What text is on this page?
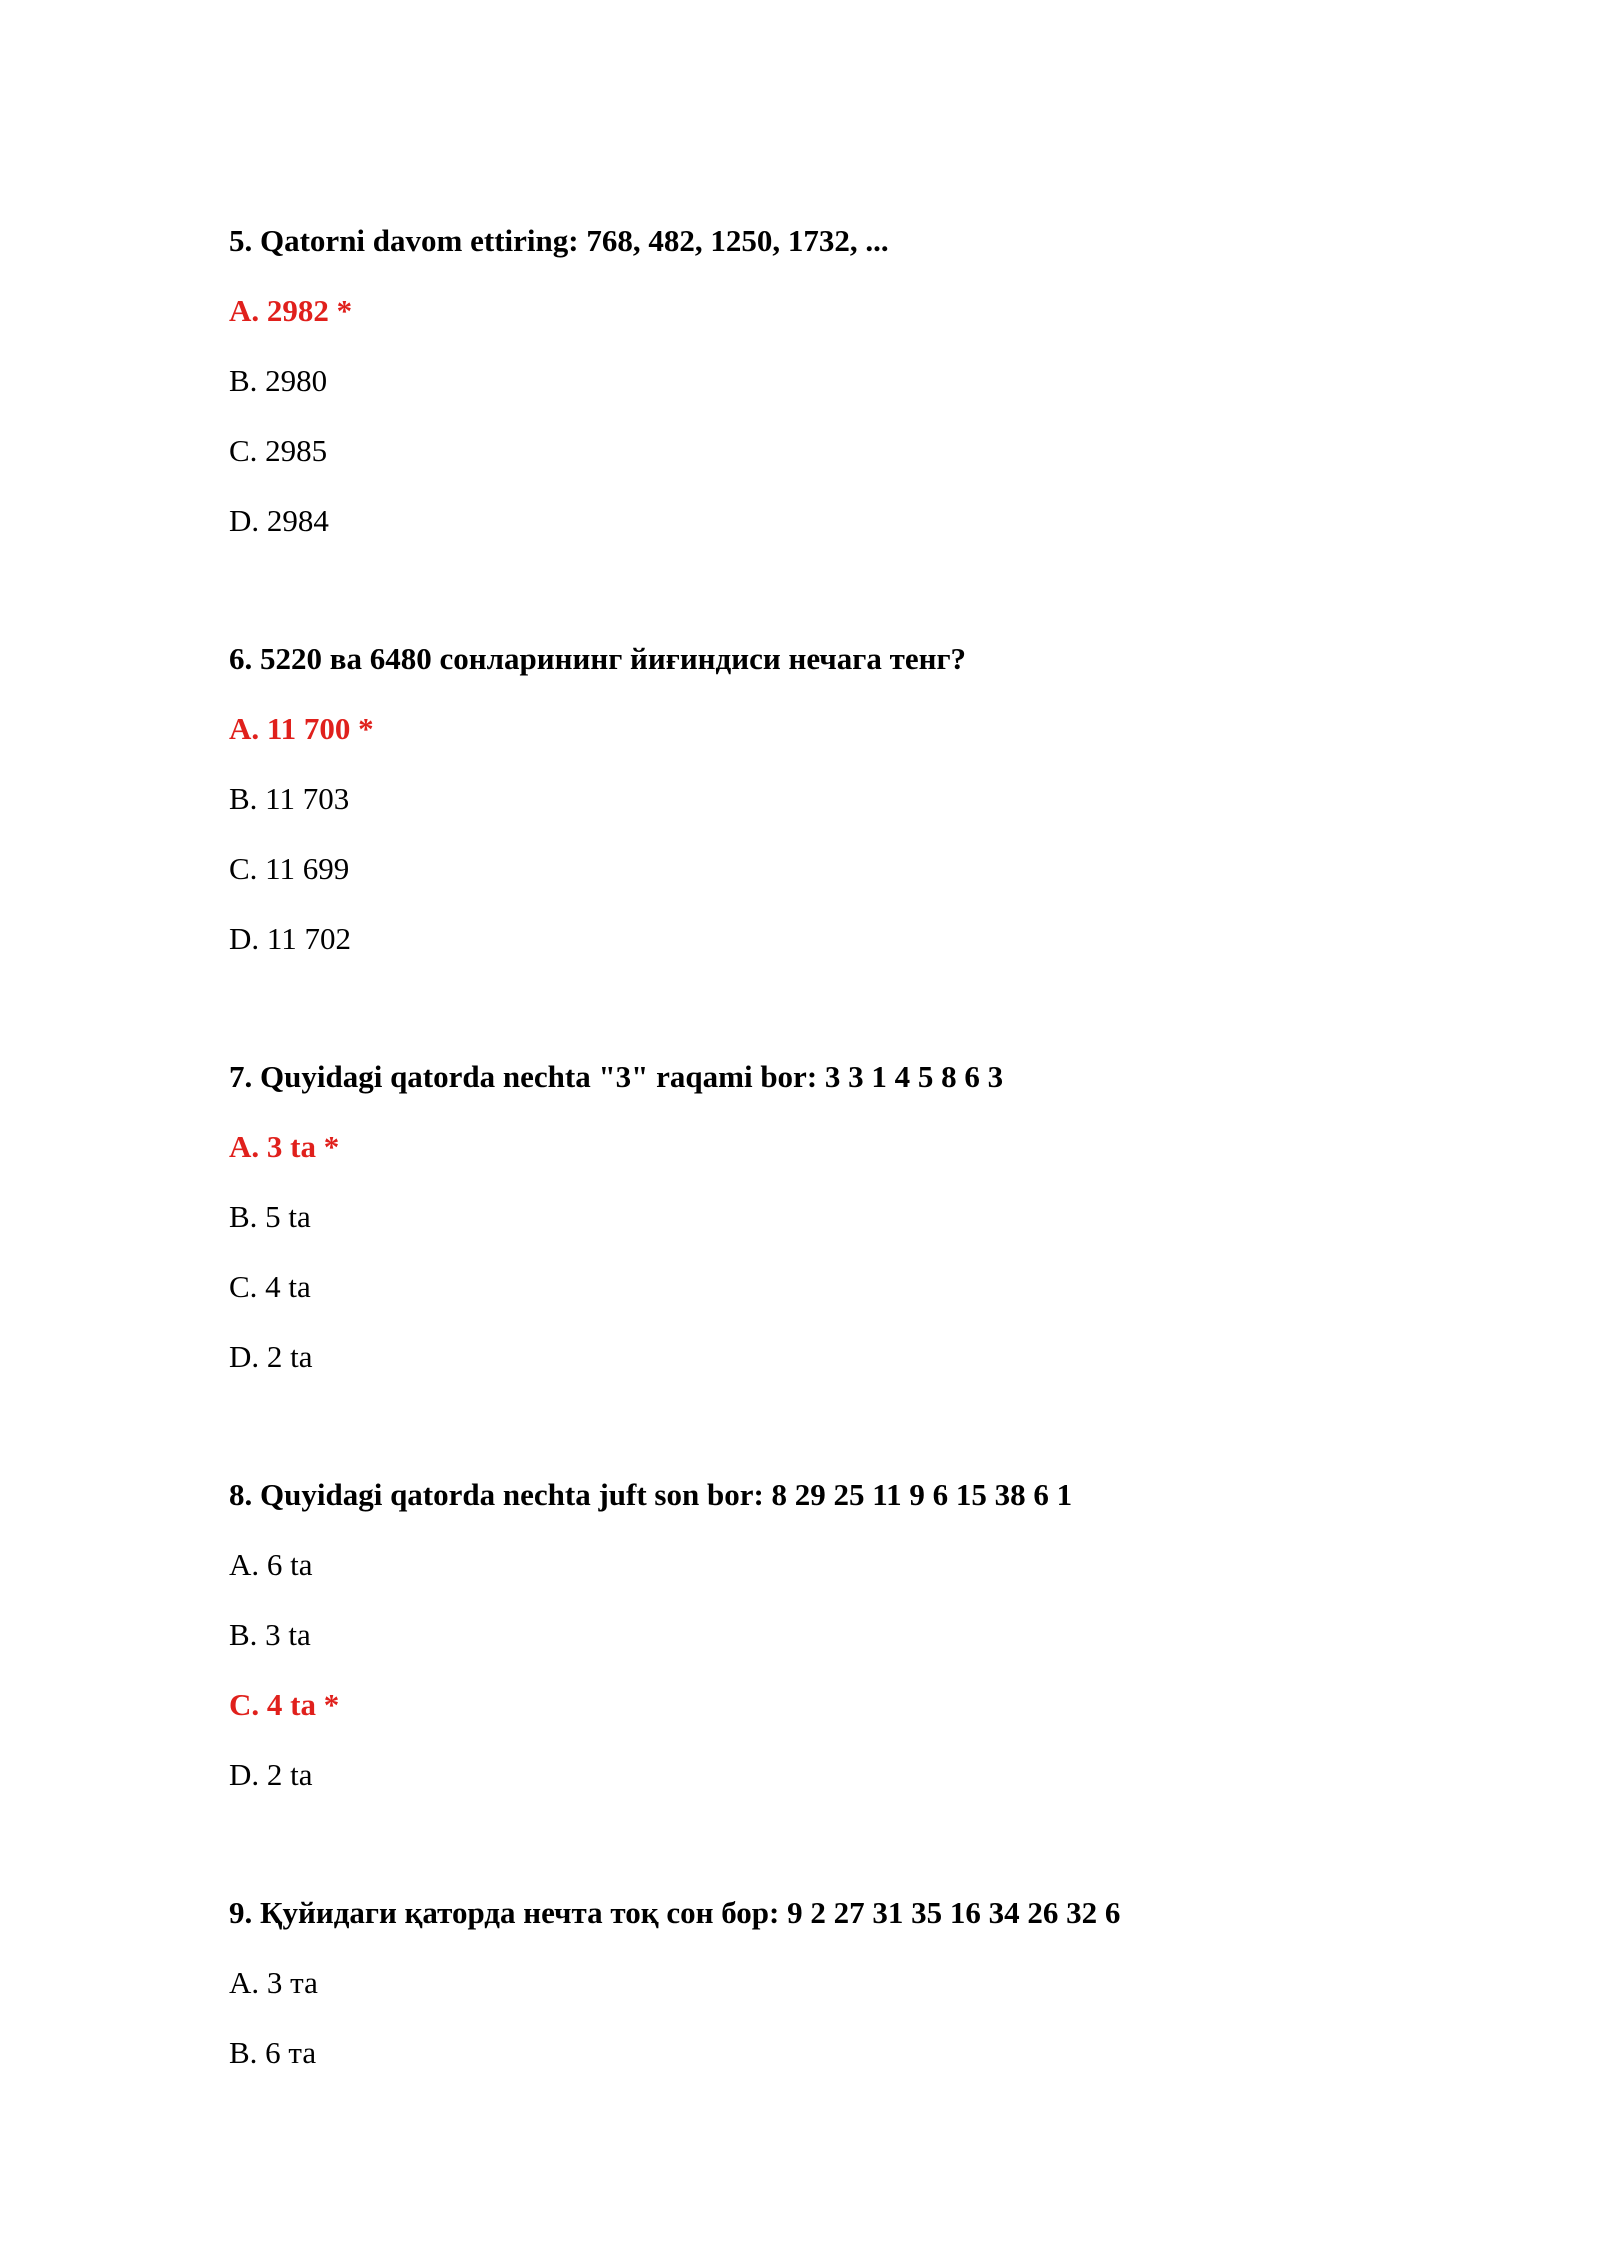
5. Qatorni davom ettiring: 768, 482, 1250, 1732, ...
A. 2982 *
B. 2980
C. 2985
D. 2984
6. 5220 ва 6480 сонларининг йиғиндиси нечага тенг?
A. 11 700 *
B. 11 703
C. 11 699
D. 11 702
7. Quyidagi qatorda nechta "3" raqami bor: 3 3 1 4 5 8 6 3
A. 3 ta *
B. 5 ta
C. 4 ta
D. 2 ta
8. Quyidagi qatorda nechta juft son bor: 8 29 25 11 9 6 15 38 6 1
A. 6 ta
B. 3 ta
C. 4 ta *
D. 2 ta
9. Қуйидаги қаторда нечта тоқ сон бор: 9 2 27 31 35 16 34 26 32 6
A. 3 та
B. 6 та
